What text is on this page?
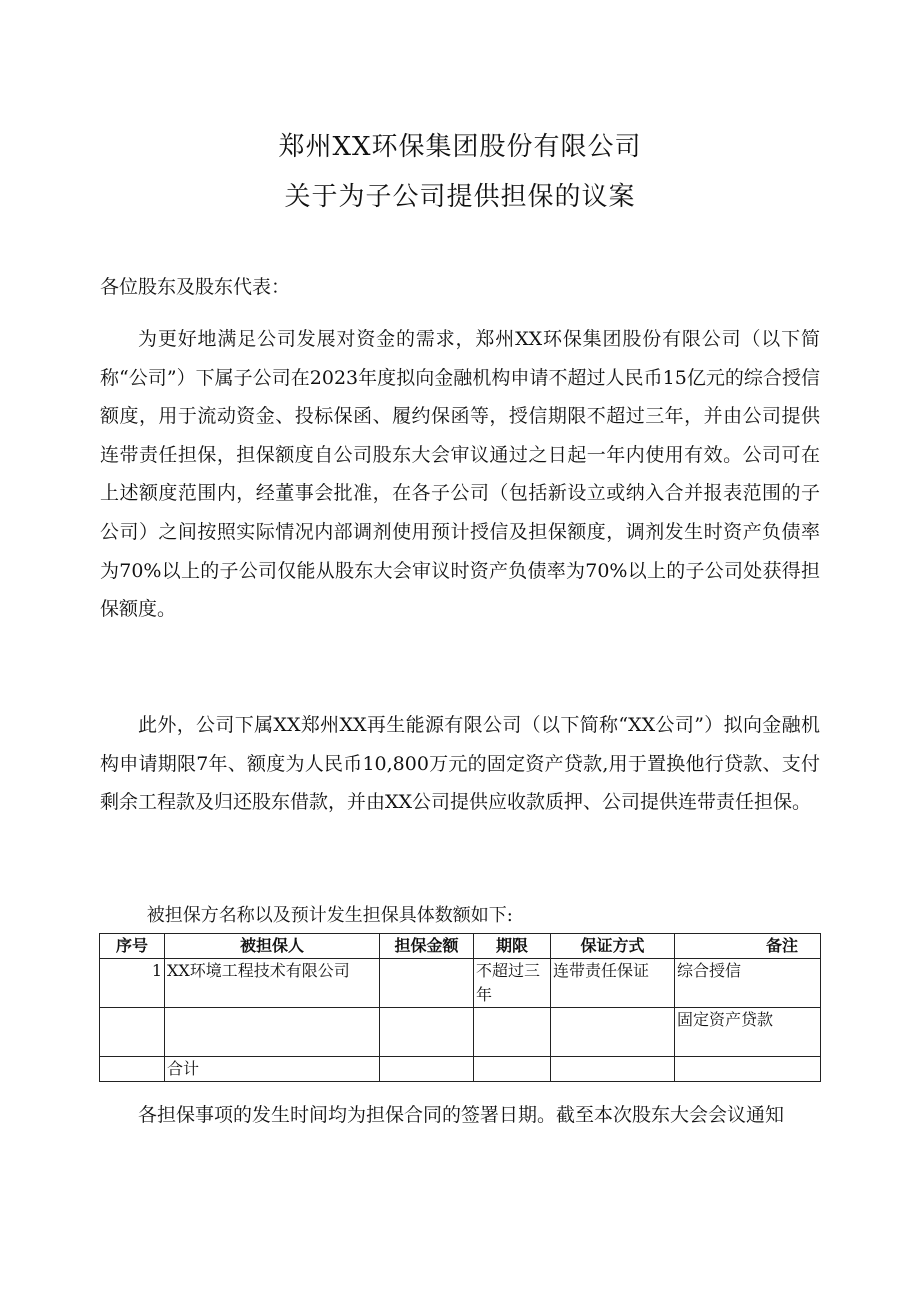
郑州XX环保集团股份有限公司
关于为子公司提供担保的议案
各位股东及股东代表：
为更好地满足公司发展对资金的需求，郑州XX环保集团股份有限公司（以下简称“公司”）下属子公司在2023年度拟向金融机构申请不超过人民币15亿元的综合授信额度，用于流动资金、投标保函、履约保函等，授信期限不超过三年，并由公司提供连带责任担保，担保额度自公司股东大会审议通过之日起一年内使用有效。公司可在上述额度范围内，经董事会批准，在各子公司（包括新设立或纳入合并报表范围的子公司）之间按照实际情况内部调剂使用预计授信及担保额度，调剂发生时资产负债率为70%以上的子公司仅能从股东大会审议时资产负债率为70%以上的子公司处获得担保额度。
此外，公司下属XX郑州XX再生能源有限公司（以下简称“XX公司”）拟向金融机构申请期限7年、额度为人民币10,800万元的固定资产贷款,用于置换他行贷款、支付剩余工程款及归还股东借款，并由XX公司提供应收款质押、公司提供连带责任担保。
被担保方名称以及预计发生担保具体数额如下:
序号	被担保人	担保金额	期限	保证方式	备注
1	XX环境工程技术有限公司		不超过三年	连带责任保证	综合授信
					固定资产贷款
	合计				
各担保事项的发生时间均为担保合同的签署日期。截至本次股东大会会议通知
